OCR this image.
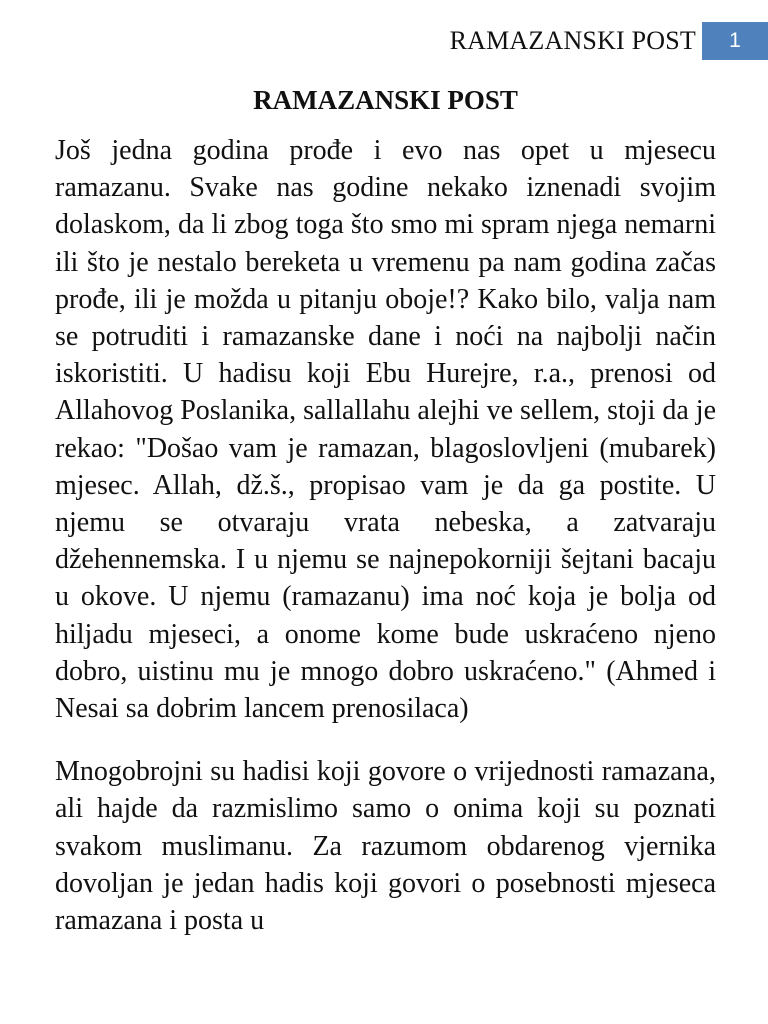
RAMAZANSKI POST	1
RAMAZANSKI POST

Još jedna godina prođe i evo nas opet u mjesecu ramazanu. Svake nas godine nekako iznenadi svojim dolaskom, da li zbog toga što smo mi spram njega nemarni ili što je nestalo bereketa u vremenu pa nam godina začas prođe, ili je možda u pitanju oboje!? Kako bilo, valja nam se potruditi i ramazanske dane i noći na najbolji način iskoristiti. U hadisu koji Ebu Hurejre, r.a., prenosi od Allahovog Poslanika, sallallahu alejhi ve sellem, stoji da je rekao: "Došao vam je ramazan, blagoslovljeni (mubarek) mjesec. Allah, dž.š., propisao vam je da ga postite. U njemu se otvaraju vrata nebeska, a zatvaraju džehennemska. I u njemu se najnepokorniji šejtani bacaju u okove. U njemu (ramazanu) ima noć koja je bolja od hiljadu mjeseci, a onome kome bude uskraćeno njeno dobro, uistinu mu je mnogo dobro uskraćeno." (Ahmed i Nesai sa dobrim lancem prenosilaca)

Mnogobrojni su hadisi koji govore o vrijednosti ramazana, ali hajde da razmislimo samo o onima koji su poznati svakom muslimanu. Za razumom obdarenog vjernika dovoljan je jedan hadis koji govori o posebnosti mjeseca ramazana i posta u
